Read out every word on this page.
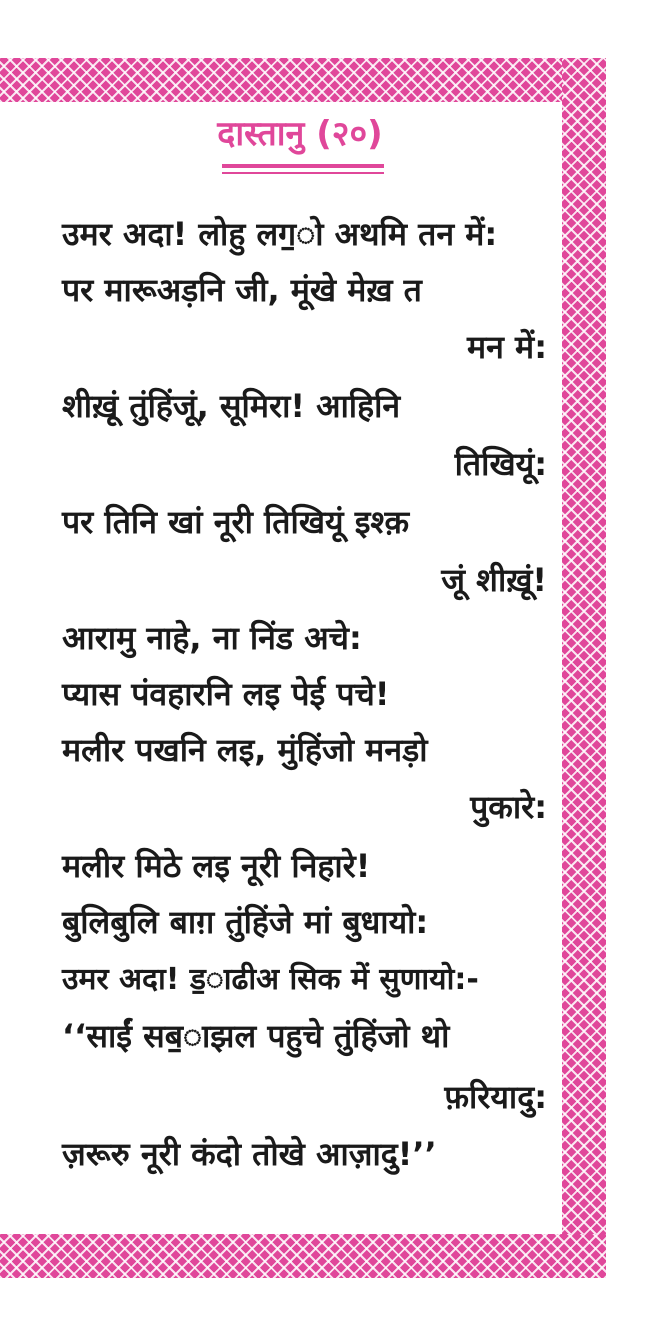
दास्तानु (२०)
उमर अदा! लोहु लग॒ो अथमि तन में:
पर मारूअड़नि जी, मूंखे मेख़ त
मन में:
शीख़ूं तुंहिंजूं, सूमिरा! आहिनि
तिखियूं:
पर तिनि खां नूरी तिखियूं इश्क़
जूं शीख़ूं!
आरामु नाहे, ना निंड अचे:
प्यास पंवहारनि लइ पेई पचे!
मलीर पखनि लइ, मुंहिंजो मनड़ो
पुकारे:
मलीर मिठे लइ नूरी निहारे!
बुलिबुलि बाग़ तुंहिंजे मां बुधायो:
उमर अदा! ड॒ाढीअ सिक में सुणायो:-
‘‘साईं सब॒ाझल पहुचे तुंहिंजो थो
फ़रियादु:
ज़रूरु नूरी कंदो तोखे आज़ादु!’’
